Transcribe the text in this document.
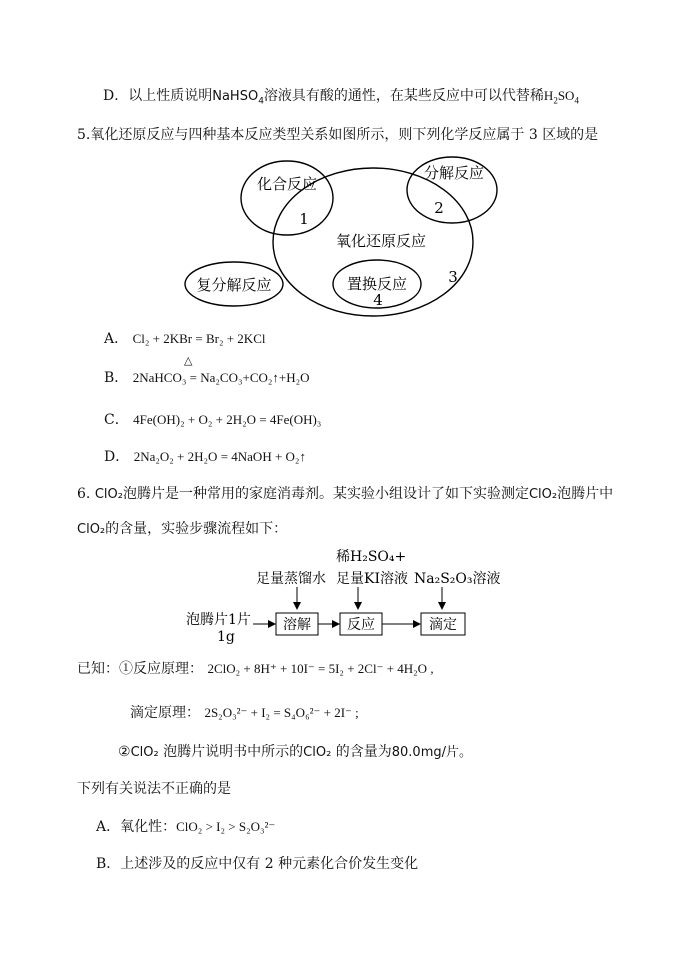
D．以上性质说明NaHSO$_4$溶液具有酸的通性，在某些反应中可以代替稀$H_2SO_4$
5.氧化还原反应与四种基本反应类型关系如图所示，则下列化学反应属于 3 区域的是
化合反应
分解反应
氧化还原反应
复分解反应	置换反应
1
2
3
4
A． Cl₂ + 2KBr = Br₂ + 2KCl
B． 2NaHCO₃ = Na₂CO₃+CO₂↑+H₂O
△
C． 4Fe(OH)₂ + O₂ + 2H₂O = 4Fe(OH)₃
D． 2Na₂O₂ + 2H₂O = 4NaOH + O₂↑
6. ClO₂泡腾片是一种常用的家庭消毒剂。某实验小组设计了如下实验测定ClO₂泡腾片中
ClO₂的含量，实验步骤流程如下：
稀H₂SO₄+
足量蒸馏水 足量KI溶液 Na₂S₂O₃溶液
泡腾片1片
1g
溶解	反应	滴定
已知：①反应原理： 2ClO₂ + 8H⁺ + 10I⁻ = 5I₂ + 2Cl⁻ + 4H₂O ,
滴定原理： 2S₂O₃²⁻ + I₂ = S₄O₆²⁻ + 2I⁻ ;
②ClO₂ 泡腾片说明书中所示的ClO₂ 的含量为80.0mg/片。
下列有关说法不正确的是
A．氧化性：ClO₂ > I₂ > S₂O₃²⁻
B．上述涉及的反应中仅有 2 种元素化合价发生变化
